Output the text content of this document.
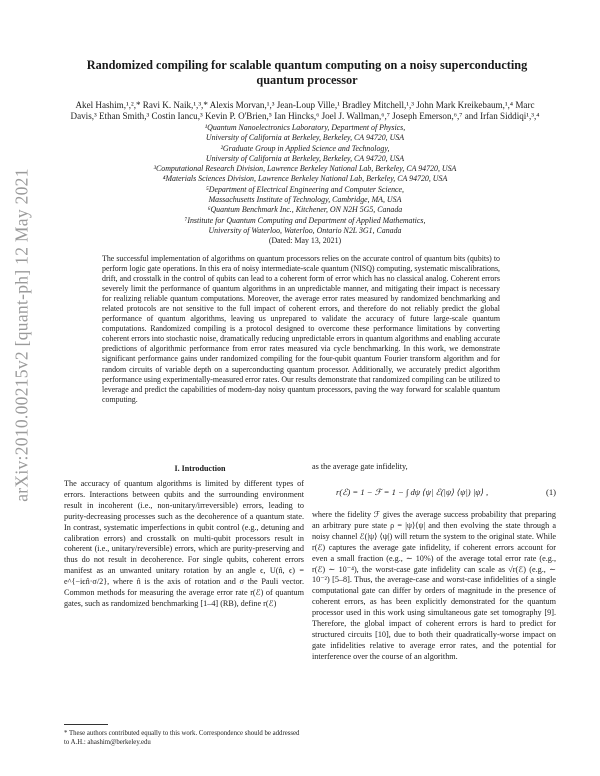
arXiv:2010.00215v2 [quant-ph] 12 May 2021
Randomized compiling for scalable quantum computing on a noisy superconducting quantum processor
Akel Hashim,¹,²,* Ravi K. Naik,¹,³,* Alexis Morvan,¹,³ Jean-Loup Ville,¹ Bradley Mitchell,¹,³ John Mark Kreikebaum,¹,⁴ Marc Davis,³ Ethan Smith,³ Costin Iancu,³ Kevin P. O'Brien,⁵ Ian Hincks,⁶ Joel J. Wallman,⁶,⁷ Joseph Emerson,⁶,⁷ and Irfan Siddiqi¹,³,⁴
¹Quantum Nanoelectronics Laboratory, Department of Physics,
University of California at Berkeley, Berkeley, CA 94720, USA
²Graduate Group in Applied Science and Technology,
University of California at Berkeley, Berkeley, CA 94720, USA
³Computational Research Division, Lawrence Berkeley National Lab, Berkeley, CA 94720, USA
⁴Materials Sciences Division, Lawrence Berkeley National Lab, Berkeley, CA 94720, USA
⁵Department of Electrical Engineering and Computer Science,
Massachusetts Institute of Technology, Cambridge, MA, USA
⁶Quantum Benchmark Inc., Kitchener, ON N2H 5G5, Canada
⁷Institute for Quantum Computing and Department of Applied Mathematics,
University of Waterloo, Waterloo, Ontario N2L 3G1, Canada
(Dated: May 13, 2021)
The successful implementation of algorithms on quantum processors relies on the accurate control of quantum bits (qubits) to perform logic gate operations. In this era of noisy intermediate-scale quantum (NISQ) computing, systematic miscalibrations, drift, and crosstalk in the control of qubits can lead to a coherent form of error which has no classical analog. Coherent errors severely limit the performance of quantum algorithms in an unpredictable manner, and mitigating their impact is necessary for realizing reliable quantum computations. Moreover, the average error rates measured by randomized benchmarking and related protocols are not sensitive to the full impact of coherent errors, and therefore do not reliably predict the global performance of quantum algorithms, leaving us unprepared to validate the accuracy of future large-scale quantum computations. Randomized compiling is a protocol designed to overcome these performance limitations by converting coherent errors into stochastic noise, dramatically reducing unpredictable errors in quantum algorithms and enabling accurate predictions of algorithmic performance from error rates measured via cycle benchmarking. In this work, we demonstrate significant performance gains under randomized compiling for the four-qubit quantum Fourier transform algorithm and for random circuits of variable depth on a superconducting quantum processor. Additionally, we accurately predict algorithm performance using experimentally-measured error rates. Our results demonstrate that randomized compiling can be utilized to leverage and predict the capabilities of modern-day noisy quantum processors, paving the way forward for scalable quantum computing.
I. Introduction
The accuracy of quantum algorithms is limited by different types of errors. Interactions between qubits and the surrounding environment result in incoherent (i.e., non-unitary/irreversible) errors, leading to purity-decreasing processes such as the decoherence of a quantum state. In contrast, systematic imperfections in qubit control (e.g., detuning and calibration errors) and crosstalk on multi-qubit processors result in coherent (i.e., unitary/reversible) errors, which are purity-preserving and thus do not result in decoherence. For single qubits, coherent errors manifest as an unwanted unitary rotation by an angle ϵ, U(n̂, ϵ) = e^{−iϵn̂·σ/2}, where n̂ is the axis of rotation and σ the Pauli vector. Common methods for measuring the average error rate r(ℰ) of quantum gates, such as randomized benchmarking [1–4] (RB), define r(ℰ)
as the average gate infidelity,
r(ℰ) = 1 − ℱ = 1 − ∫ dψ ⟨ψ| ℰ(|ψ⟩ ⟨ψ|) |ψ⟩ ,	(1)
where the fidelity ℱ gives the average success probability that preparing an arbitrary pure state ρ = |ψ⟩⟨ψ| and then evolving the state through a noisy channel ℰ(|ψ⟩ ⟨ψ|) will return the system to the original state. While r(ℰ) captures the average gate infidelity, if coherent errors account for even a small fraction (e.g., ∼ 10%) of the average total error rate (e.g., r(ℰ) ∼ 10⁻⁴), the worst-case gate infidelity can scale as √r(ℰ) (e.g., ∼ 10⁻²) [5–8]. Thus, the average-case and worst-case infidelities of a single computational gate can differ by orders of magnitude in the presence of coherent errors, as has been explicitly demonstrated for the quantum processor used in this work using simultaneous gate set tomography [9]. Therefore, the global impact of coherent errors is hard to predict for structured circuits [10], due to both their quadratically-worse impact on gate infidelities relative to average error rates, and the potential for interference over the course of an algorithm.
* These authors contributed equally to this work. Correspondence should be addressed to A.H.: ahashim@berkeley.edu
